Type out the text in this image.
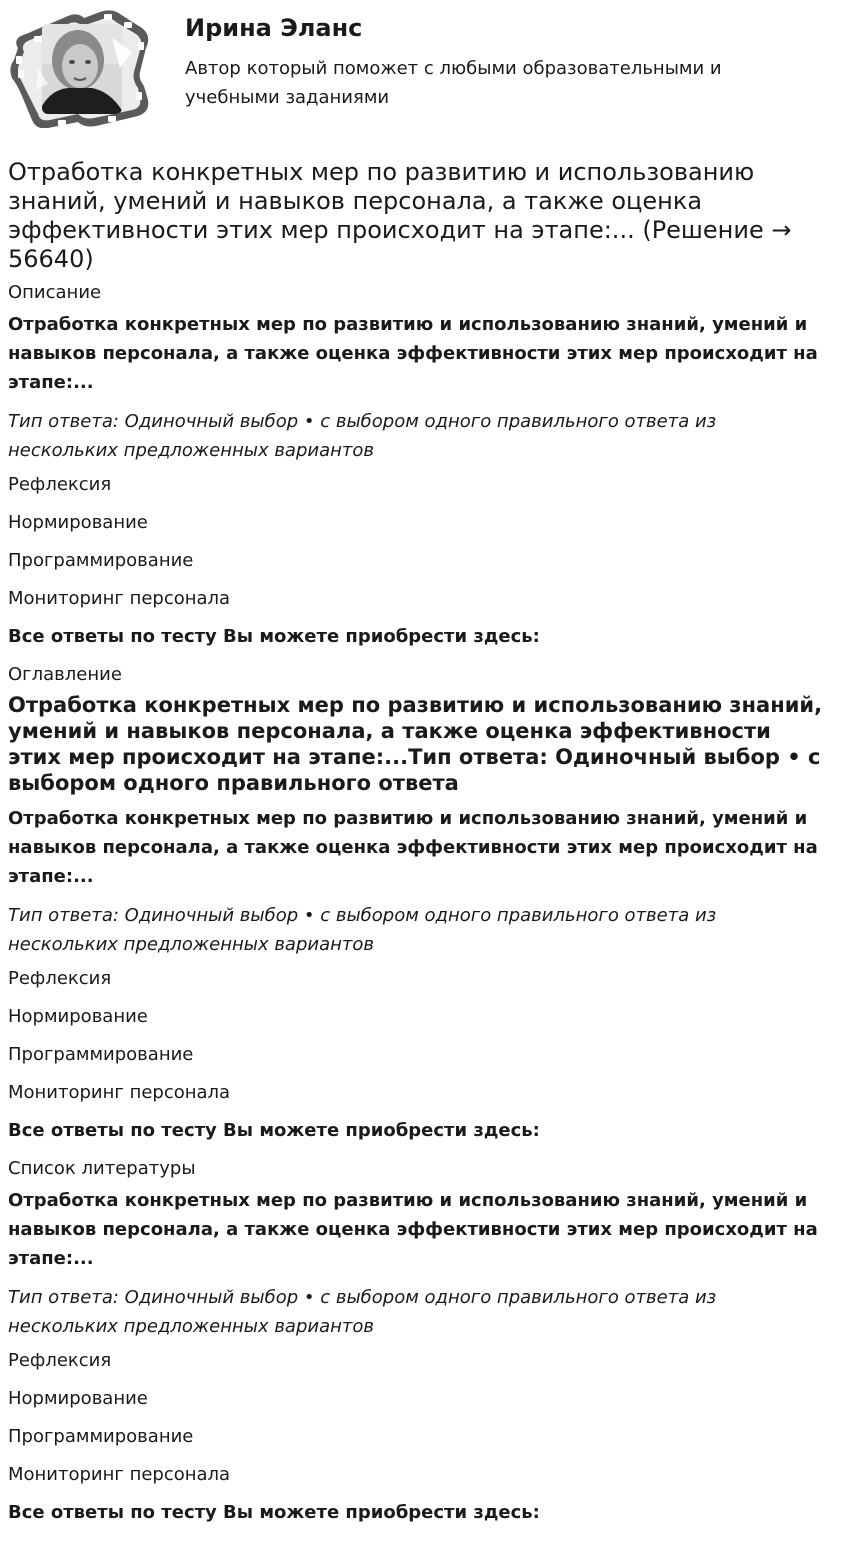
Ирина Эланс
Автор который поможет с любыми образовательными и учебными заданиями
Отработка конкретных мер по развитию и использованию знаний, умений и навыков персонала, а также оценка эффективности этих мер происходит на этапе:... (Решение → 56640)
Описание
Отработка конкретных мер по развитию и использованию знаний, умений и навыков персонала, а также оценка эффективности этих мер происходит на этапе:...
Тип ответа: Одиночный выбор • с выбором одного правильного ответа из нескольких предложенных вариантов
Рефлексия
Нормирование
Программирование
Мониторинг персонала
Все ответы по тесту Вы можете приобрести здесь:
Оглавление
Отработка конкретных мер по развитию и использованию знаний, умений и навыков персонала, а также оценка эффективности этих мер происходит на этапе:...Тип ответа: Одиночный выбор • с выбором одного правильного ответа
Отработка конкретных мер по развитию и использованию знаний, умений и навыков персонала, а также оценка эффективности этих мер происходит на этапе:...
Тип ответа: Одиночный выбор • с выбором одного правильного ответа из нескольких предложенных вариантов
Рефлексия
Нормирование
Программирование
Мониторинг персонала
Все ответы по тесту Вы можете приобрести здесь:
Список литературы
Отработка конкретных мер по развитию и использованию знаний, умений и навыков персонала, а также оценка эффективности этих мер происходит на этапе:...
Тип ответа: Одиночный выбор • с выбором одного правильного ответа из нескольких предложенных вариантов
Рефлексия
Нормирование
Программирование
Мониторинг персонала
Все ответы по тесту Вы можете приобрести здесь:
